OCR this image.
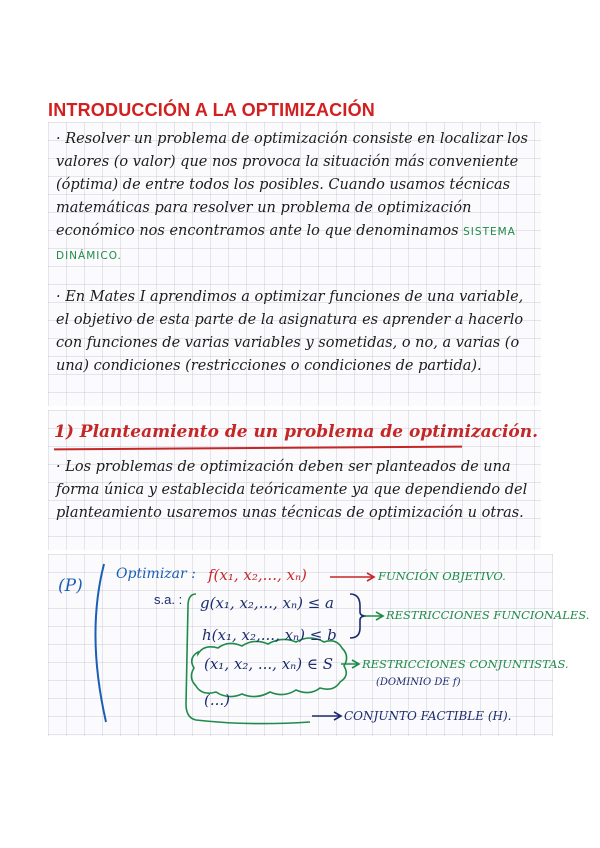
INTRODUCCIÓN A LA OPTIMIZACIÓN

· Resolver un problema de optimización consiste en localizar los valores (o valor) que nos provoca la situación más conveniente (óptima) de entre todos los posibles. Cuando usamos técnicas matemáticas para resolver un problema de optimización económico nos encontramos ante lo que denominamos SISTEMA DINÁMICO.

· En Mates I aprendimos a optimizar funciones de una variable, el objetivo de esta parte de la asignatura es aprender a hacerlo con funciones de varias variables y sometidas, o no, a varias (o una) condiciones (restricciones o condiciones de partida).

1) Planteamiento de un problema de optimización.

· Los problemas de optimización deben ser planteados de una forma única y establecida teóricamente ya que dependiendo del planteamiento usaremos unas técnicas de optimización u otras.

(P)
Optimizar : f(x₁, x₂,..., xₙ)	FUNCIÓN OBJETIVO.
s.a. : g(x₁, x₂,..., xₙ) ≤ a
h(x₁, x₂,..., xₙ) ≤ b
RESTRICCIONES FUNCIONALES.
(x₁, x₂, ..., xₙ) ∈ S	RESTRICCIONES CONJUNTISTAS.
(DOMINIO DE f)
(...)
CONJUNTO FACTIBLE (H).
